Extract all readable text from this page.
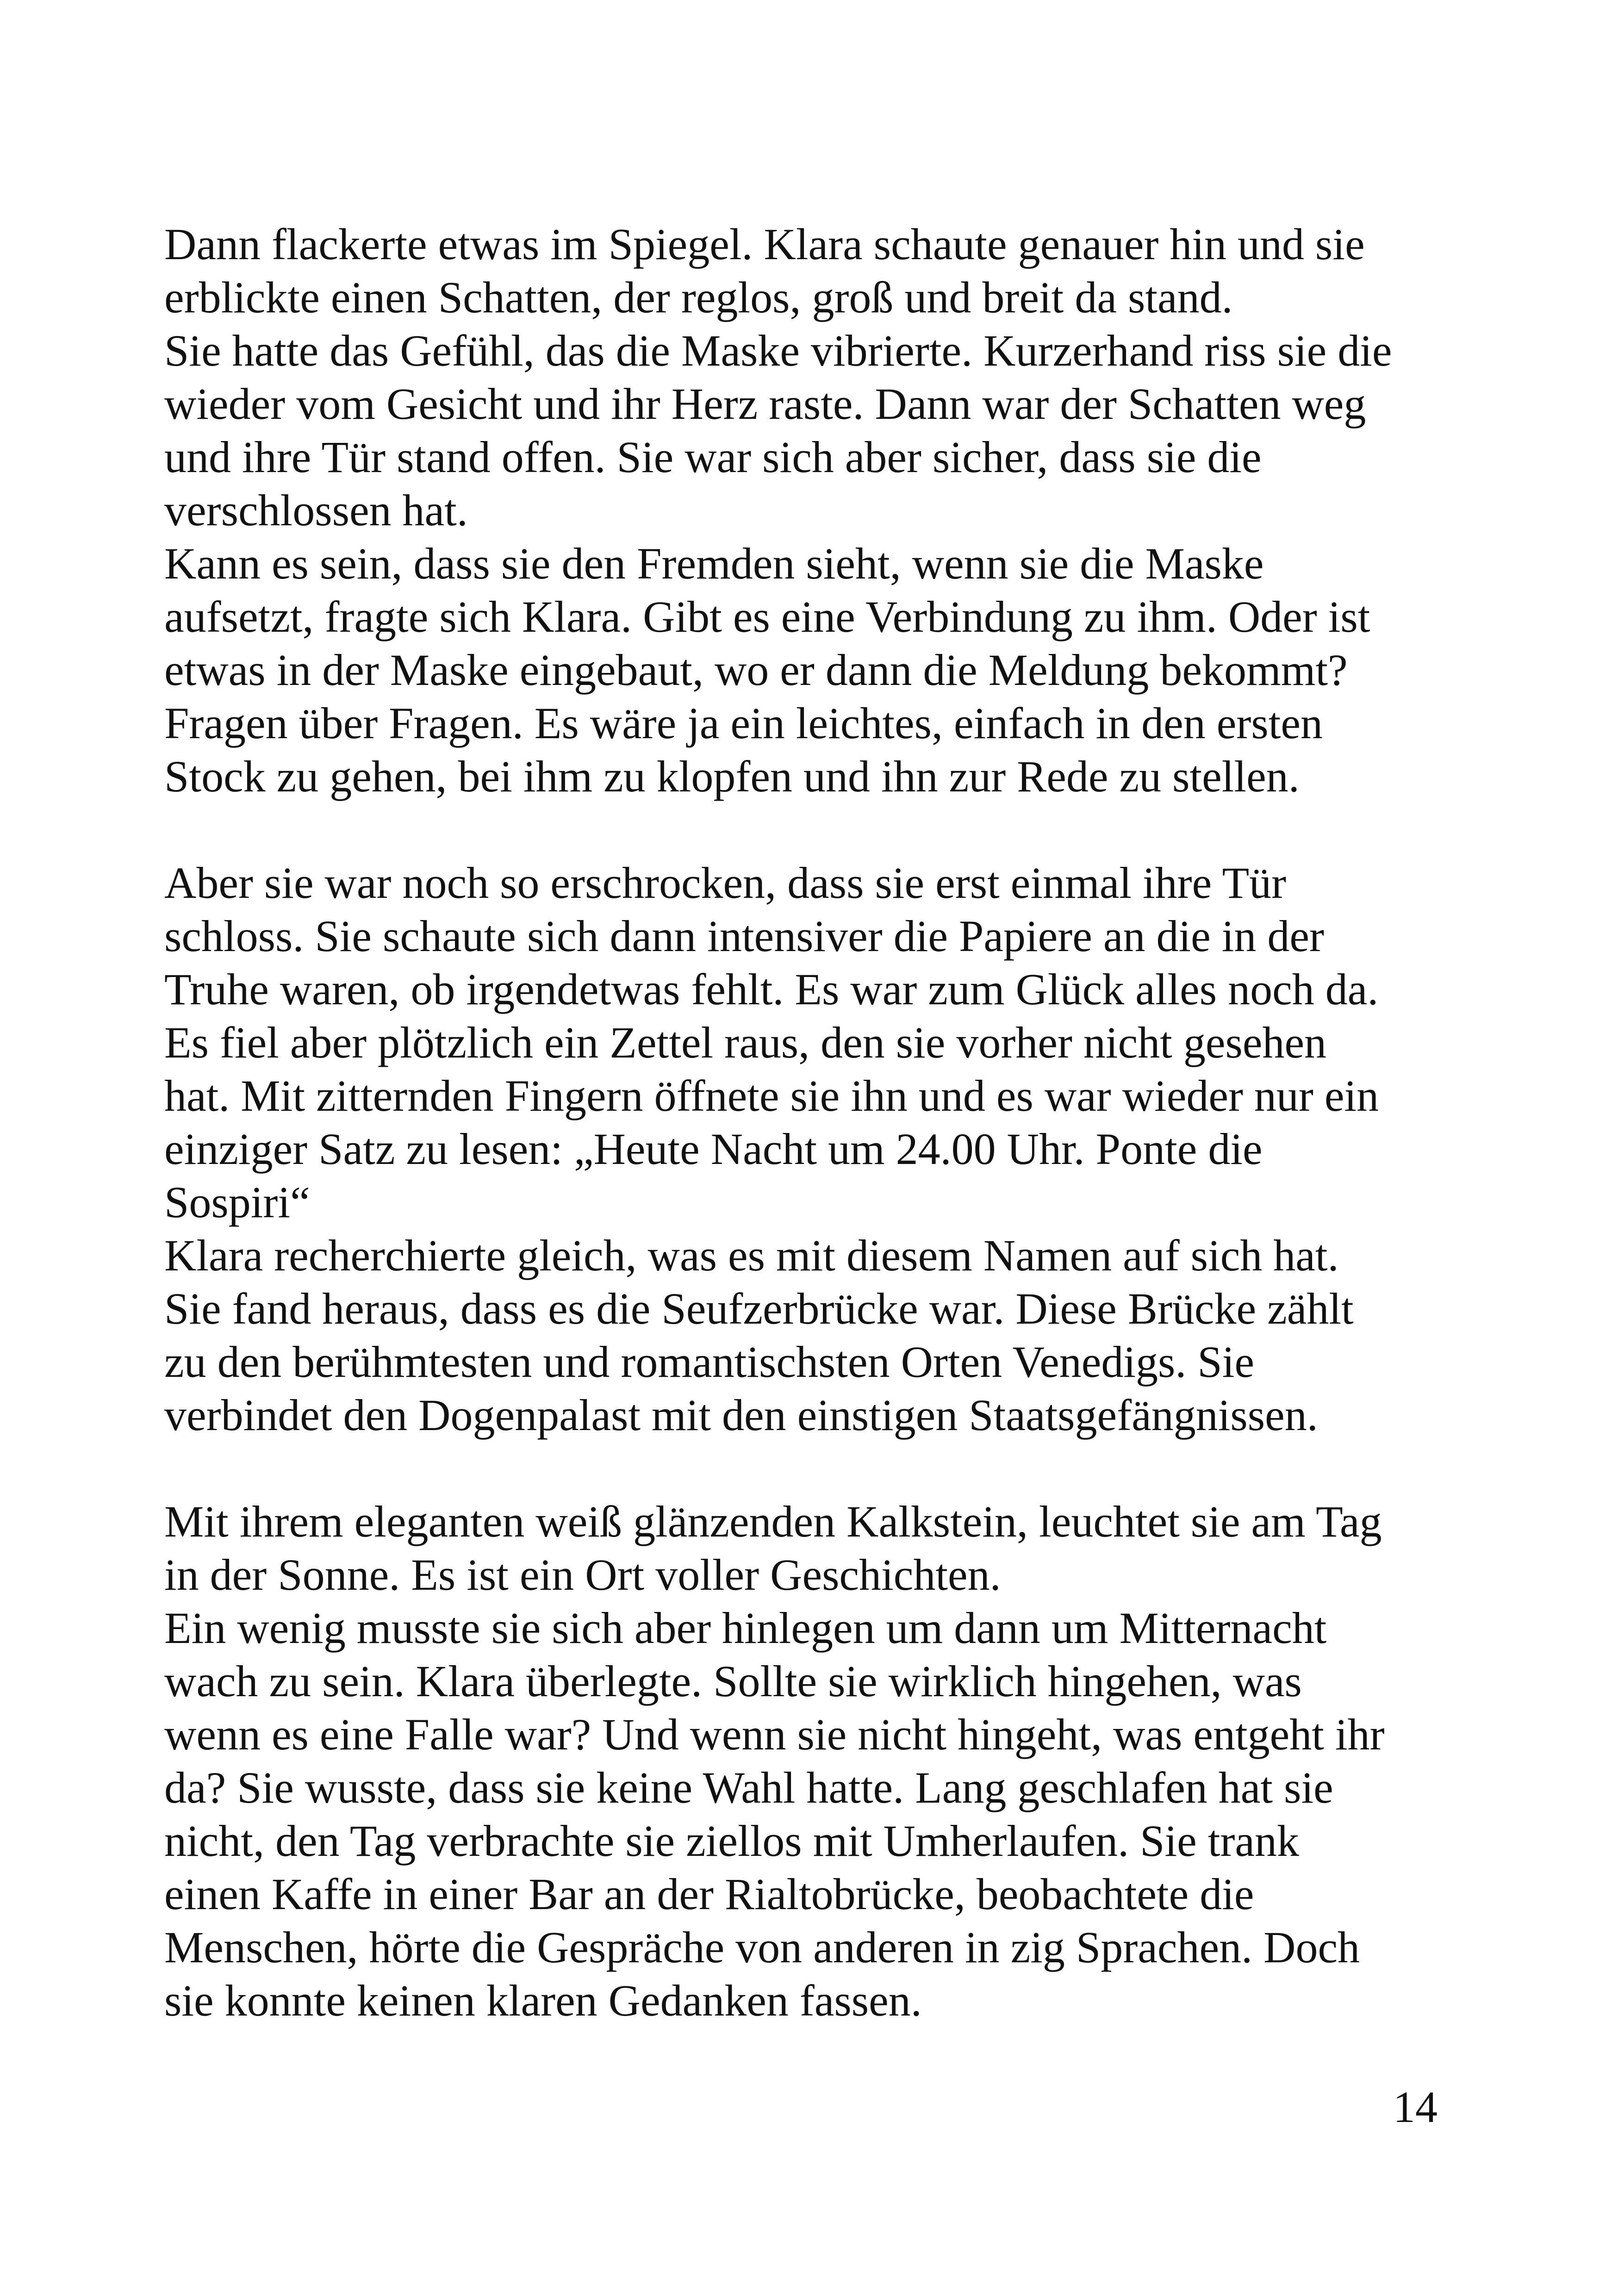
Dann flackerte etwas im Spiegel. Klara schaute genauer hin und sie
erblickte einen Schatten, der reglos, groß und breit da stand.
Sie hatte das Gefühl, das die Maske vibrierte. Kurzerhand riss sie die
wieder vom Gesicht und ihr Herz raste. Dann war der Schatten weg
und ihre Tür stand offen. Sie war sich aber sicher, dass sie die
verschlossen hat.
Kann es sein, dass sie den Fremden sieht, wenn sie die Maske
aufsetzt, fragte sich Klara. Gibt es eine Verbindung zu ihm. Oder ist
etwas in der Maske eingebaut, wo er dann die Meldung bekommt?
Fragen über Fragen. Es wäre ja ein leichtes, einfach in den ersten
Stock zu gehen, bei ihm zu klopfen und ihn zur Rede zu stellen.
Aber sie war noch so erschrocken, dass sie erst einmal ihre Tür
schloss. Sie schaute sich dann intensiver die Papiere an die in der
Truhe waren, ob irgendetwas fehlt. Es war zum Glück alles noch da.
Es fiel aber plötzlich ein Zettel raus, den sie vorher nicht gesehen
hat. Mit zitternden Fingern öffnete sie ihn und es war wieder nur ein
einziger Satz zu lesen: „Heute Nacht um 24.00 Uhr. Ponte die
Sospiri“
Klara recherchierte gleich, was es mit diesem Namen auf sich hat.
Sie fand heraus, dass es die Seufzerbrücke war. Diese Brücke zählt
zu den berühmtesten und romantischsten Orten Venedigs. Sie
verbindet den Dogenpalast mit den einstigen Staatsgefängnissen.
Mit ihrem eleganten weiß glänzenden Kalkstein, leuchtet sie am Tag
in der Sonne. Es ist ein Ort voller Geschichten.
Ein wenig musste sie sich aber hinlegen um dann um Mitternacht
wach zu sein. Klara überlegte. Sollte sie wirklich hingehen, was
wenn es eine Falle war? Und wenn sie nicht hingeht, was entgeht ihr
da? Sie wusste, dass sie keine Wahl hatte. Lang geschlafen hat sie
nicht, den Tag verbrachte sie ziellos mit Umherlaufen. Sie trank
einen Kaffe in einer Bar an der Rialtobrücke, beobachtete die
Menschen, hörte die Gespräche von anderen in zig Sprachen. Doch
sie konnte keinen klaren Gedanken fassen.
14
